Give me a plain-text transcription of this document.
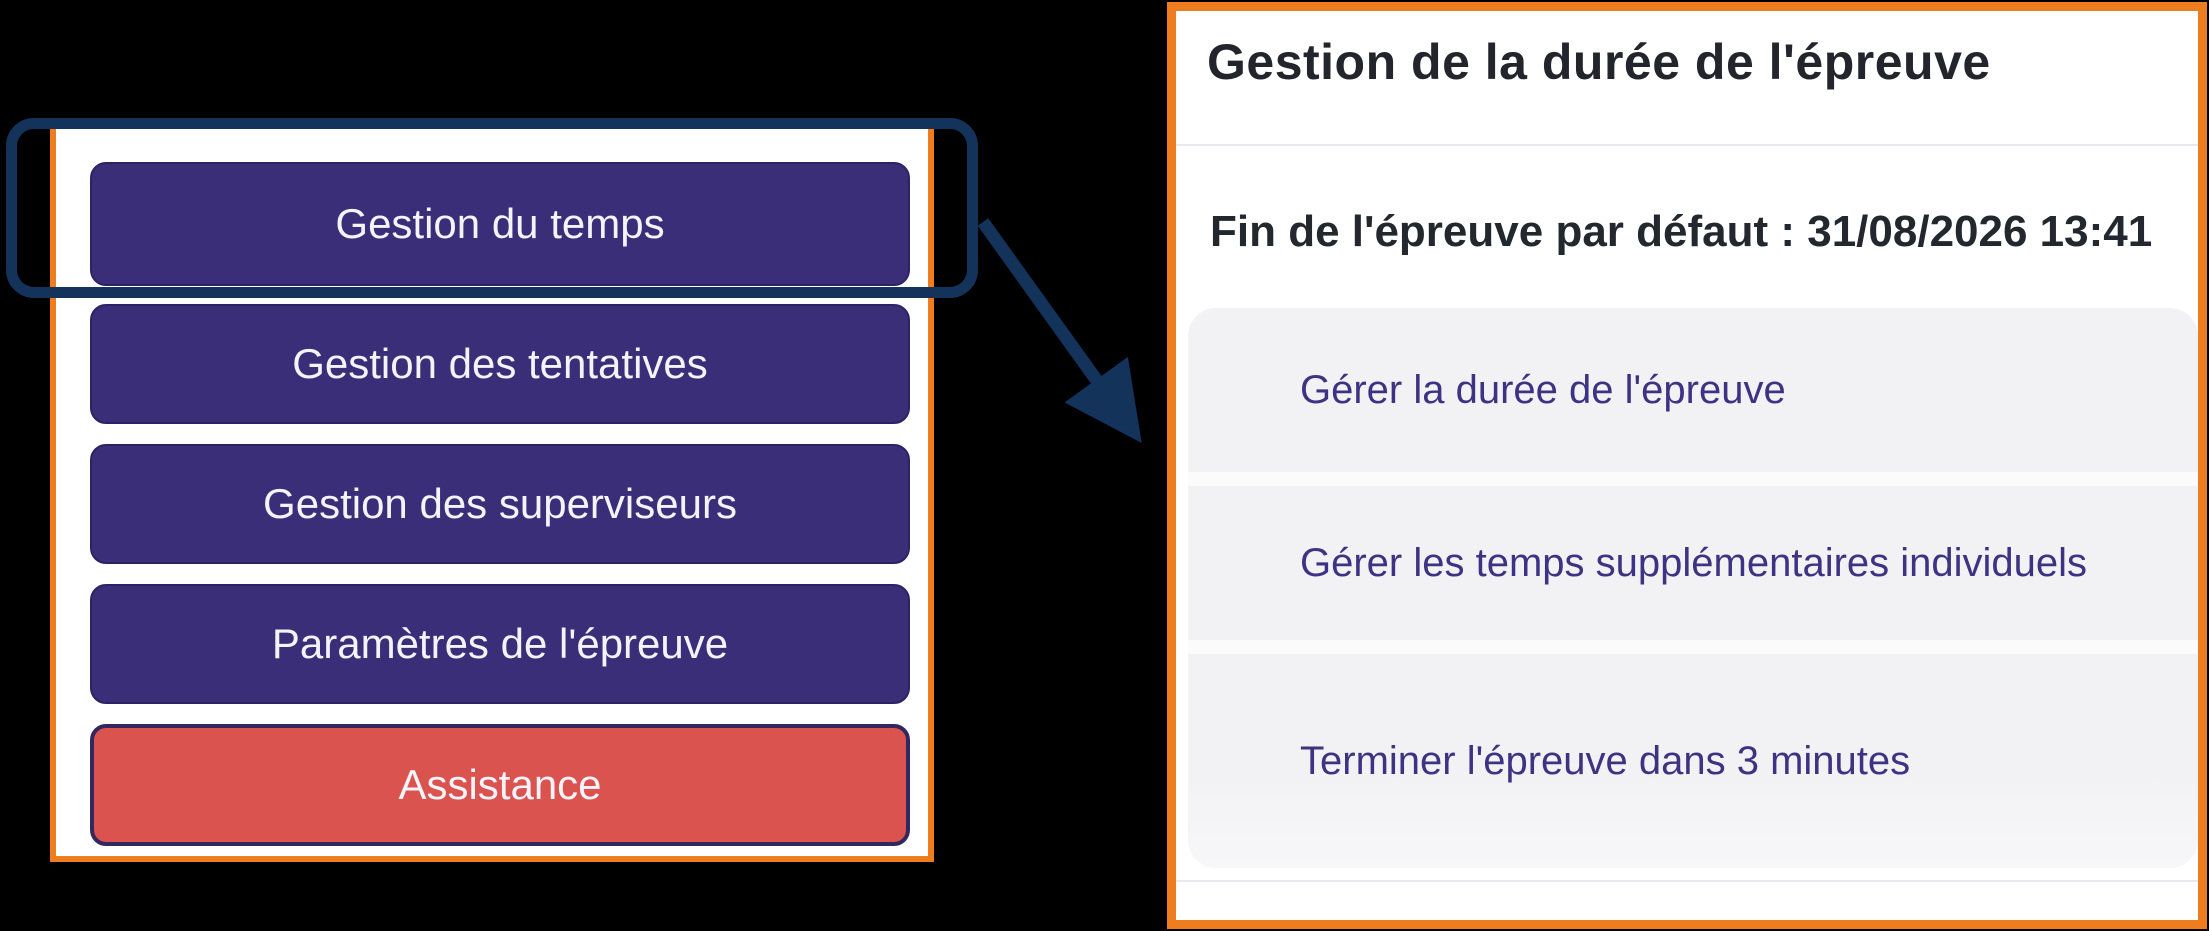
Gestion du temps
Gestion des tentatives
Gestion des superviseurs
Paramètres de l'épreuve
Assistance
Gestion de la durée de l'épreuve
Fin de l'épreuve par défaut : 31/08/2026 13:41
Gérer la durée de l'épreuve
Gérer les temps supplémentaires individuels
Terminer l'épreuve dans 3 minutes
